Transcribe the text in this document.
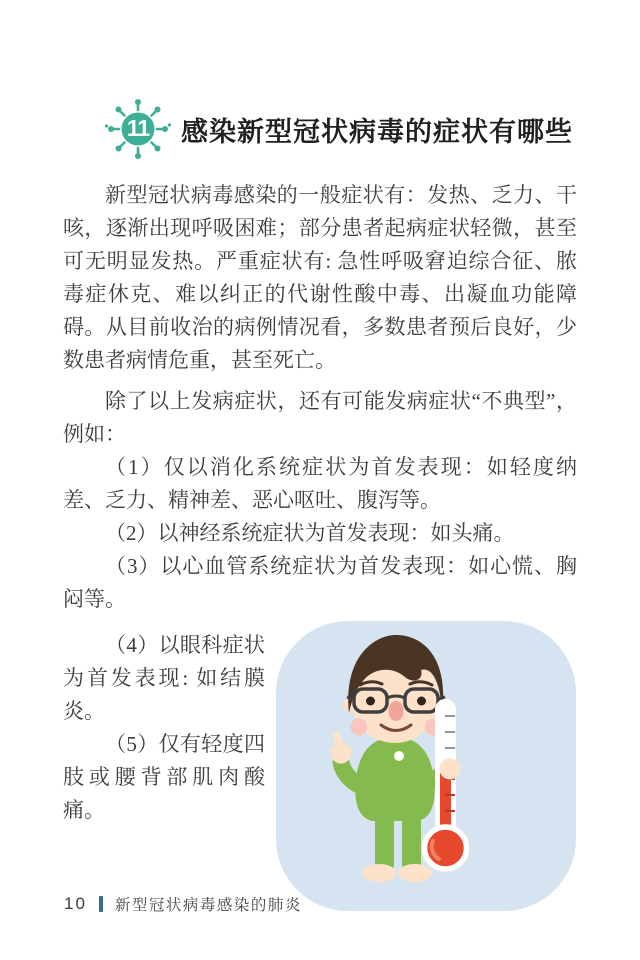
11	感染新型冠状病毒的症状有哪些

新型冠状病毒感染的一般症状有：发热、乏力、干咳，逐渐出现呼吸困难；部分患者起病症状轻微，甚至可无明显发热。严重症状有: 急性呼吸窘迫综合征、脓毒症休克、难以纠正的代谢性酸中毒、出凝血功能障碍。从目前收治的病例情况看，多数患者预后良好，少数患者病情危重，甚至死亡。

除了以上发病症状，还有可能发病症状“不典型”，例如：

（1）仅以消化系统症状为首发表现：如轻度纳差、乏力、精神差、恶心呕吐、腹泻等。

（2）以神经系统症状为首发表现：如头痛。

（3）以心血管系统症状为首发表现：如心慌、胸闷等。

（4）以眼科症状为首发表现: 如结膜炎。

（5）仅有轻度四肢或腰背部肌肉酸痛。

10 新型冠状病毒感染的肺炎
